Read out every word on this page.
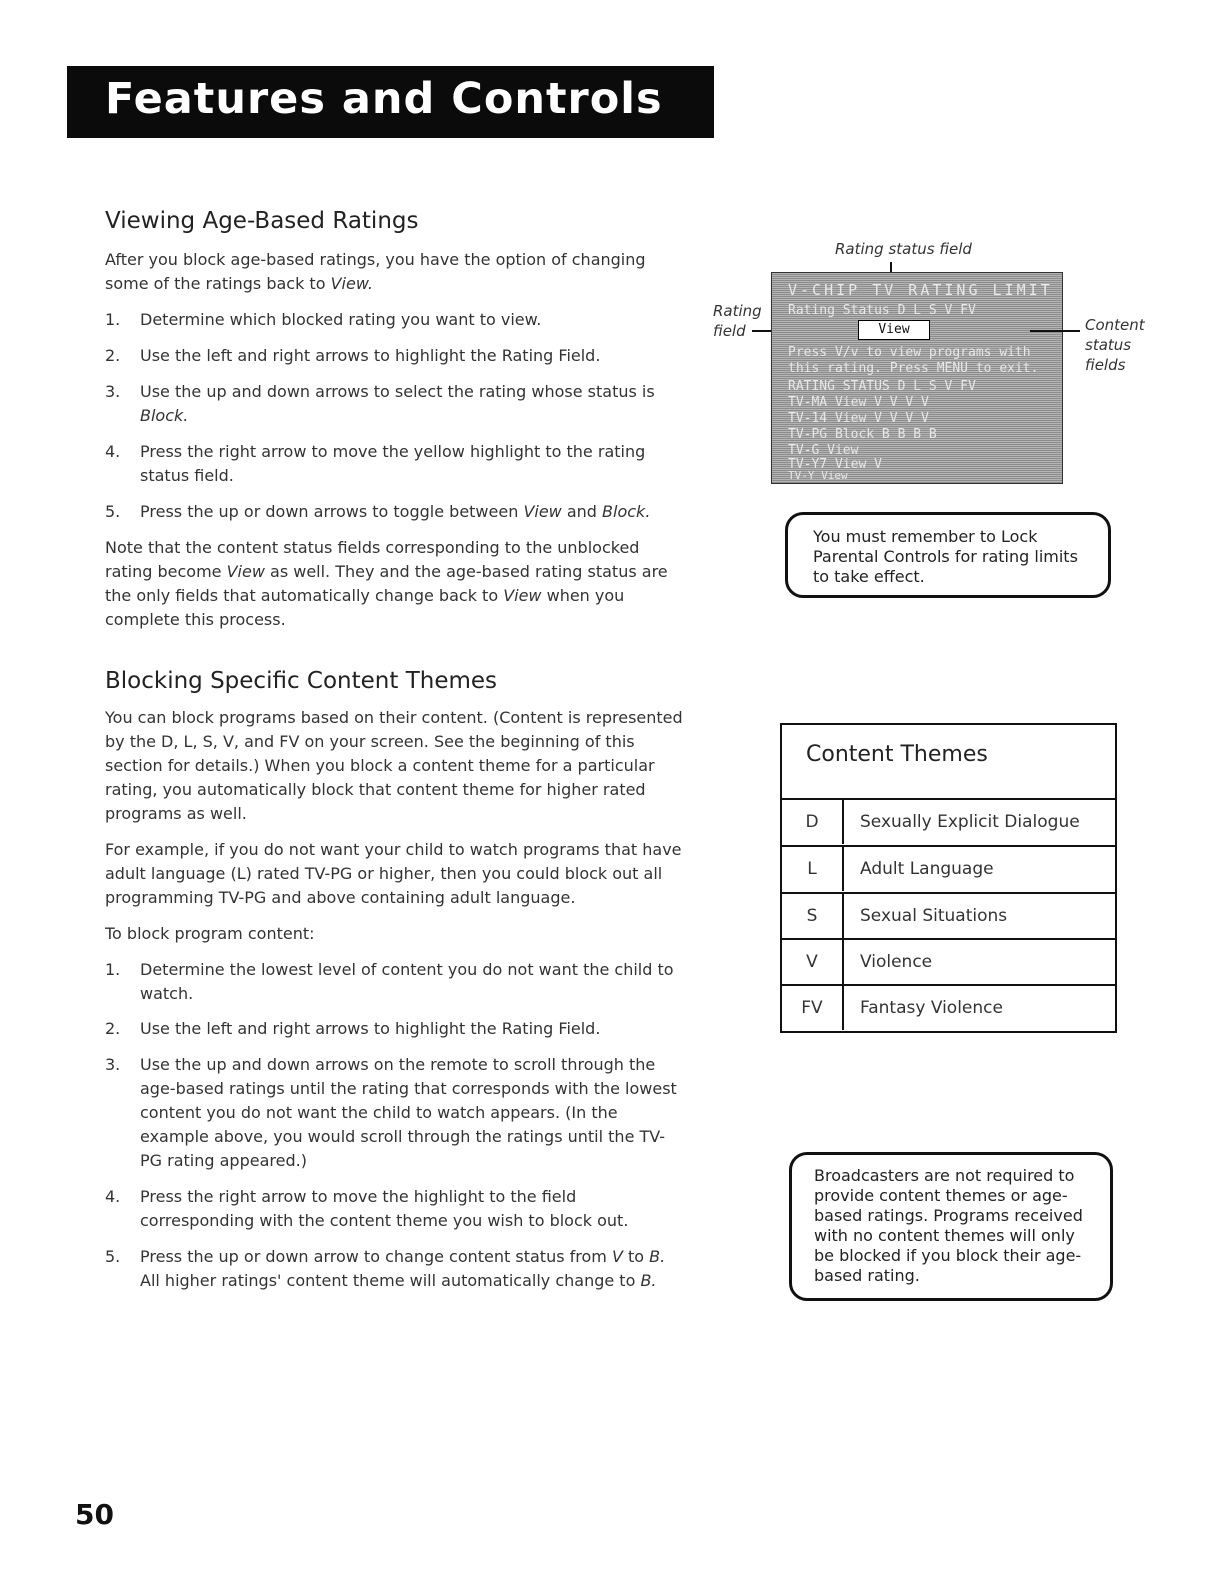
Features and Controls
Viewing Age-Based Ratings
After you block age-based ratings, you have the option of changing some of the ratings back to View.
1. Determine which blocked rating you want to view.
2. Use the left and right arrows to highlight the Rating Field.
3. Use the up and down arrows to select the rating whose status is Block.
4. Press the right arrow to move the yellow highlight to the rating status field.
5. Press the up or down arrows to toggle between View and Block.
Note that the content status fields corresponding to the unblocked rating become View as well. They and the age-based rating status are the only fields that automatically change back to View when you complete this process.
Rating status field
Rating
field	Content
status
fields
V-CHIP TV RATING LIMIT
Rating Status D L S V FV
View
Press V/v to view programs with
this rating. Press MENU to exit.
RATING STATUS D L S V FV
TV-MA View V V V V
TV-14 View V V V V
TV-PG Block B B B B
TV-G View
TV-Y7 View V
TV-Y View
You must remember to Lock
Parental Controls for rating limits
to take effect.
Blocking Specific Content Themes
You can block programs based on their content. (Content is represented by the D, L, S, V, and FV on your screen. See the beginning of this section for details.) When you block a content theme for a particular rating, you automatically block that content theme for higher rated programs as well.
For example, if you do not want your child to watch programs that have adult language (L) rated TV-PG or higher, then you could block out all programming TV-PG and above containing adult language.
To block program content:
1. Determine the lowest level of content you do not want the child to watch.
2. Use the left and right arrows to highlight the Rating Field.
3. Use the up and down arrows on the remote to scroll through the age-based ratings until the rating that corresponds with the lowest content you do not want the child to watch appears. (In the example above, you would scroll through the ratings until the TV-PG rating appeared.)
4. Press the right arrow to move the highlight to the field corresponding with the content theme you wish to block out.
5. Press the up or down arrow to change content status from V to B. All higher ratings' content theme will automatically change to B.
Content Themes
D	Sexually Explicit Dialogue
L	Adult Language
S	Sexual Situations
V	Violence
FV	Fantasy Violence
Broadcasters are not required to
provide content themes or age-
based ratings. Programs received
with no content themes will only
be blocked if you block their age-
based rating.
50
